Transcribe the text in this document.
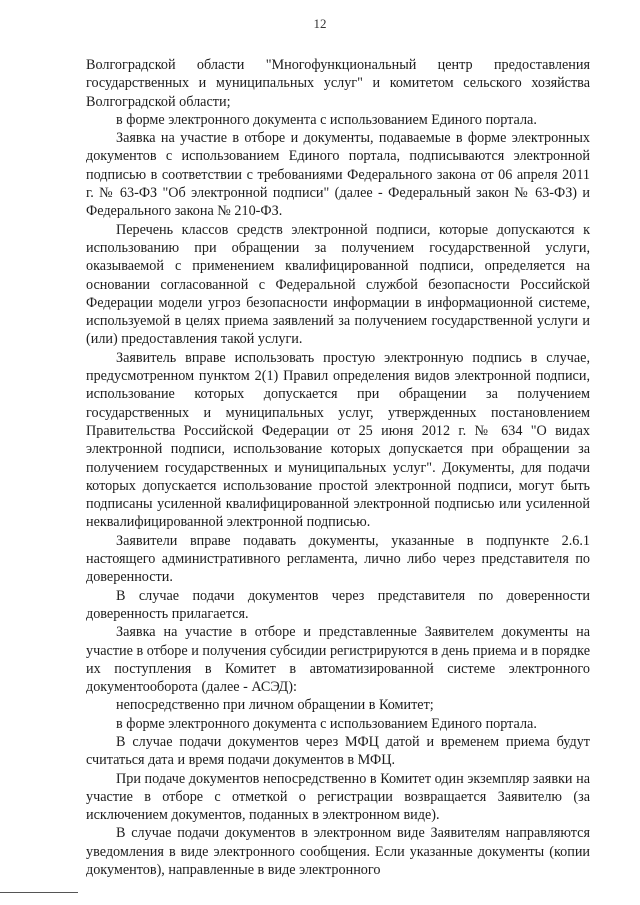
12

Волгоградской области "Многофункциональный центр предоставления государственных и муниципальных услуг" и комитетом сельского хозяйства Волгоградской области;

в форме электронного документа с использованием Единого портала.

Заявка на участие в отборе и документы, подаваемые в форме электронных документов с использованием Единого портала, подписываются электронной подписью в соответствии с требованиями Федерального закона от 06 апреля 2011 г. № 63-ФЗ "Об электронной подписи" (далее - Федеральный закон № 63-ФЗ) и Федерального закона № 210-ФЗ.

Перечень классов средств электронной подписи, которые допускаются к использованию при обращении за получением государственной услуги, оказываемой с применением квалифицированной подписи, определяется на основании согласованной с Федеральной службой безопасности Российской Федерации модели угроз безопасности информации в информационной системе, используемой в целях приема заявлений за получением государственной услуги и (или) предоставления такой услуги.

Заявитель вправе использовать простую электронную подпись в случае, предусмотренном пунктом 2(1) Правил определения видов электронной подписи, использование которых допускается при обращении за получением государственных и муниципальных услуг, утвержденных постановлением Правительства Российской Федерации от 25 июня 2012 г. № 634 "О видах электронной подписи, использование которых допускается при обращении за получением государственных и муниципальных услуг". Документы, для подачи которых допускается использование простой электронной подписи, могут быть подписаны усиленной квалифицированной электронной подписью или усиленной неквалифицированной электронной подписью.

Заявители вправе подавать документы, указанные в подпункте 2.6.1 настоящего административного регламента, лично либо через представителя по доверенности.

В случае подачи документов через представителя по доверенности доверенность прилагается.

Заявка на участие в отборе и представленные Заявителем документы на участие в отборе и получения субсидии регистрируются в день приема и в порядке их поступления в Комитет в автоматизированной системе электронного документооборота (далее - АСЭД):

непосредственно при личном обращении в Комитет;

в форме электронного документа с использованием Единого портала.

В случае подачи документов через МФЦ датой и временем приема будут считаться дата и время подачи документов в МФЦ.

При подаче документов непосредственно в Комитет один экземпляр заявки на участие в отборе с отметкой о регистрации возвращается Заявителю (за исключением документов, поданных в электронном виде).

В случае подачи документов в электронном виде Заявителям направляются уведомления в виде электронного сообщения. Если указанные документы (копии документов), направленные в виде электронного
